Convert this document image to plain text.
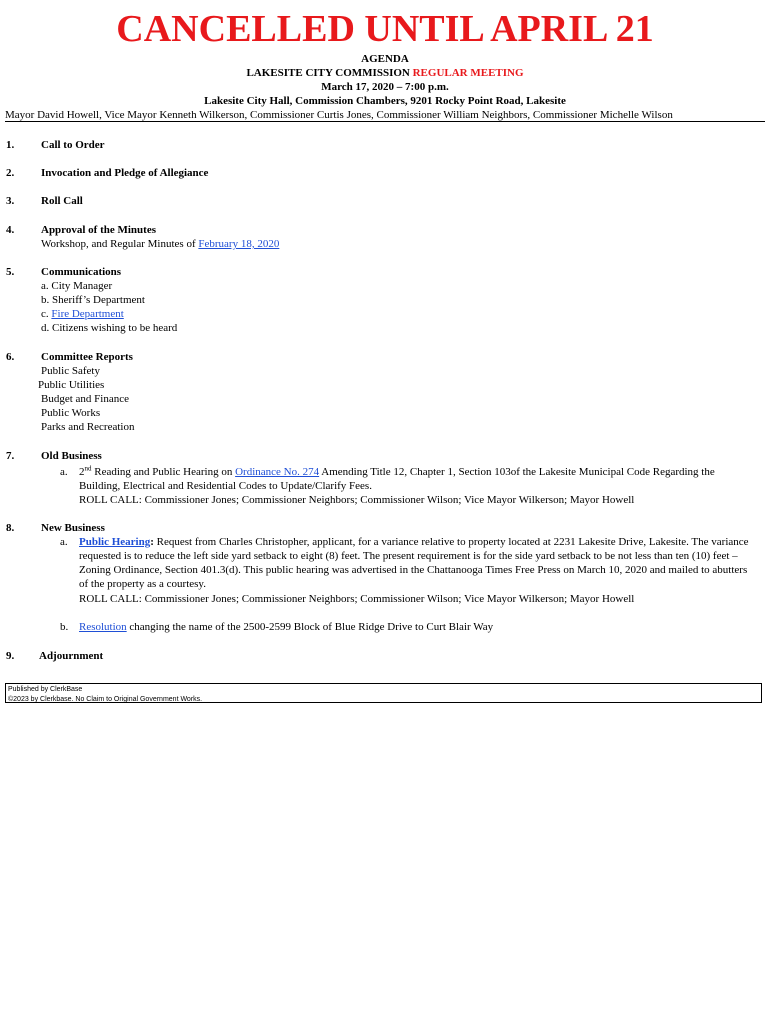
CANCELLED UNTIL APRIL 21
AGENDA
LAKESITE CITY COMMISSION REGULAR MEETING
March 17, 2020 – 7:00 p.m.
Lakesite City Hall, Commission Chambers, 9201 Rocky Point Road, Lakesite
Mayor David Howell, Vice Mayor Kenneth Wilkerson, Commissioner Curtis Jones, Commissioner William Neighbors, Commissioner Michelle Wilson
1. Call to Order
2. Invocation and Pledge of Allegiance
3. Roll Call
4. Approval of the Minutes
Workshop, and Regular Minutes of February 18, 2020
5. Communications
a. City Manager
b. Sheriff’s Department
c. Fire Department
d. Citizens wishing to be heard
6. Committee Reports
Public Safety
Public Utilities
Budget and Finance
Public Works
Parks and Recreation
7. Old Business
a. 2nd Reading and Public Hearing on Ordinance No. 274 Amending Title 12, Chapter 1, Section 103of the Lakesite Municipal Code Regarding the Building, Electrical and Residential Codes to Update/Clarify Fees.
ROLL CALL: Commissioner Jones; Commissioner Neighbors; Commissioner Wilson; Vice Mayor Wilkerson; Mayor Howell
8. New Business
a. Public Hearing: Request from Charles Christopher, applicant, for a variance relative to property located at 2231 Lakesite Drive, Lakesite. The variance requested is to reduce the left side yard setback to eight (8) feet. The present requirement is for the side yard setback to be not less than ten (10) feet – Zoning Ordinance, Section 401.3(d). This public hearing was advertised in the Chattanooga Times Free Press on March 10, 2020 and mailed to abutters of the property as a courtesy.
ROLL CALL: Commissioner Jones; Commissioner Neighbors; Commissioner Wilson; Vice Mayor Wilkerson; Mayor Howell
b. Resolution changing the name of the 2500-2599 Block of Blue Ridge Drive to Curt Blair Way
9. Adjournment
Published by ClerkBase
©2023 by Clerkbase. No Claim to Original Government Works.
